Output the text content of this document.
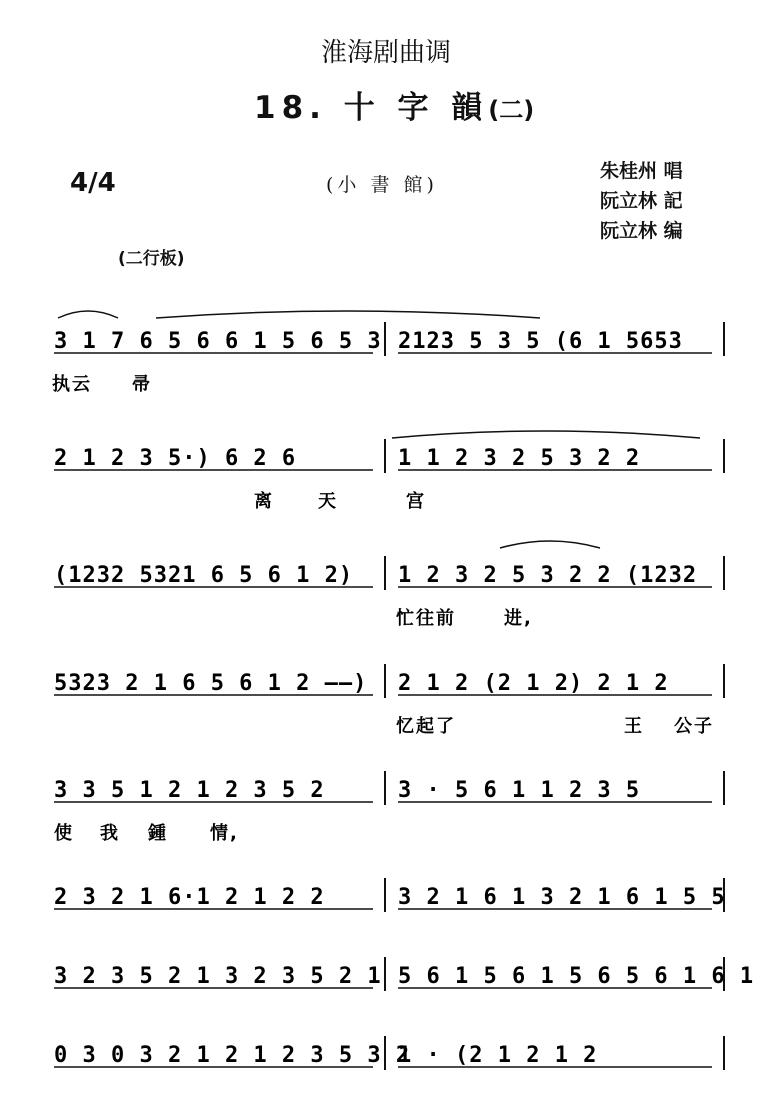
淮海剧曲调
18. 十 字 韻(二)
4/4	(小 書 館)
朱桂州 唱
阮立林 記
阮立林 编
(二行板)
3 1 7 6 5 6 6 1 5 6 5 3 2123 5 3 5 (6 1 5653
执云 帚
2 1 2 3 5·) 6 2 6	1 1 2 3 2 5 3 2 2
离 天	宫
(1232 5321 6 5 6 1 2) 1 2 3 2 5 3 2 2 (1232
忙往前	进,
5323 2 1 6 5 6 1 2 ——) 2 1 2 (2 1 2) 2 1 2
忆起了	王 公子
3 3 5 1 2 1 2 3 5 2	3 · 5 6 1 1 2 3 5
使 我 鍾 情,
2 3 2 1 6·1 2 1 2 2	3 2 1 6 1 3 2 1 6 1 5 5
3 2 3 5 2 1 3 2 3 5 2 1 5 6 1 5 6 1 5 6 5 6 1 6 1
0 3 0 3 2 1 2 1 2 3 5 3 2
1 · (2 1 2 1 2
